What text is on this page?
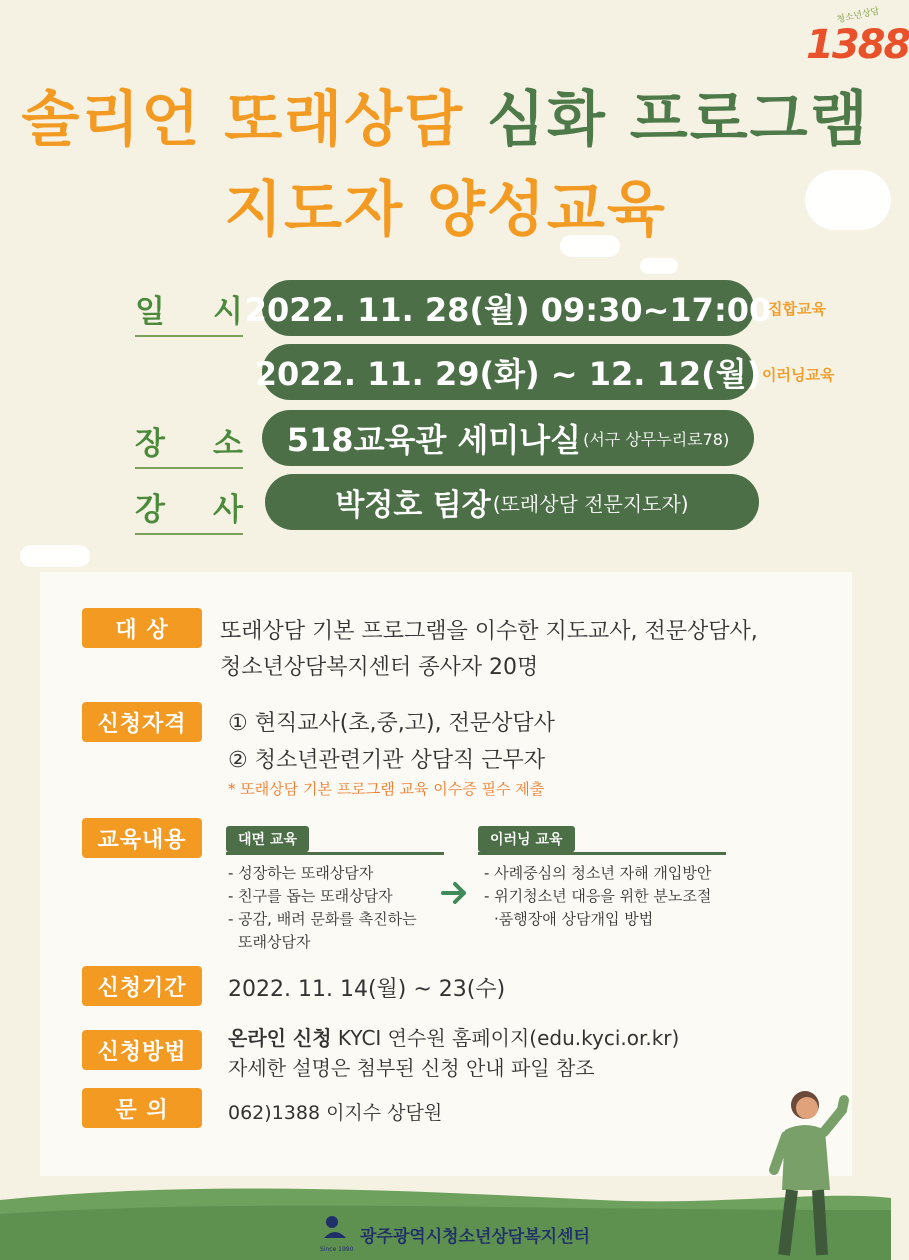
청소년상담
1388
솔리언 또래상담 심화 프로그램
지도자 양성교육
일 시 2022. 11. 28(월) 09:30~17:00
집합교육
2022. 11. 29(화) ~ 12. 12(월) 이러닝교육
장 소 518교육관 세미나실 (서구 상무누리로78)
강 사	박정호 팀장 (또래상담 전문지도자)
대 상	또래상담 기본 프로그램을 이수한 지도교사, 전문상담사,
청소년상담복지센터 종사자 20명
신청자격	① 현직교사(초,중,고), 전문상담사
② 청소년관련기관 상담직 근무자
* 또래상담 기본 프로그램 교육 이수증 필수 제출
교육내용	대면 교육
- 성장하는 또래상담자
- 친구를 돕는 또래상담자
- 공감, 배려 문화를 촉진하는
또래상담자
이러닝 교육
- 사례중심의 청소년 자해 개입방안
- 위기청소년 대응을 위한 분노조절
·품행장애 상담개입 방법
신청기간	2022. 11. 14(월) ~ 23(수)
신청방법
온라인 신청 KYCI 연수원 홈페이지(edu.kyci.or.kr)
자세한 설명은 첨부된 신청 안내 파일 참조
문 의	062)1388 이지수 상담원
Since 1990
광주광역시청소년상담복지센터
